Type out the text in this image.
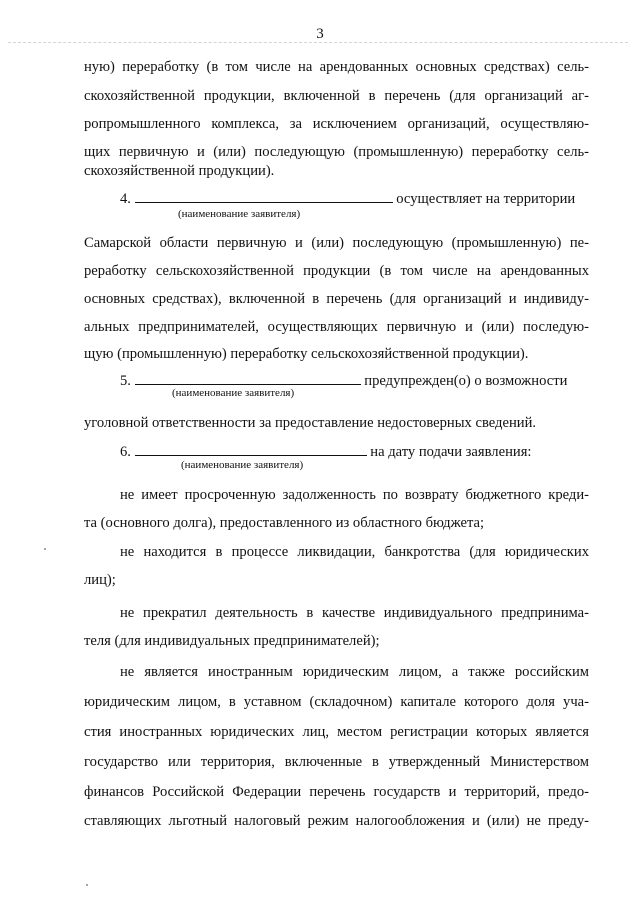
3
ную) переработку (в том числе на арендованных основных средствах) сель-
скохозяйственной продукции, включенной в перечень (для организаций аг-
ропромышленного комплекса, за исключением организаций, осуществляю-
щих первичную и (или) последующую (промышленную) переработку сель-
скохозяйственной продукции).
4.	осуществляет на территории
(наименование заявителя)
Самарской области первичную и (или) последующую (промышленную) пе-
реработку сельскохозяйственной продукции (в том числе на арендованных
основных средствах), включенной в перечень (для организаций и индивиду-
альных предпринимателей, осуществляющих первичную и (или) последую-
щую (промышленную) переработку сельскохозяйственной продукции).
5.	предупрежден(о) о возможности
(наименование заявителя)
уголовной ответственности за предоставление недостоверных сведений.
6.	на дату подачи заявления:
(наименование заявителя)
не имеет просроченную задолженность по возврату бюджетного креди-
та (основного долга), предоставленного из областного бюджета;
не находится в процессе ликвидации, банкротства (для юридических
лиц);
не прекратил деятельность в качестве индивидуального предпринима-
теля (для индивидуальных предпринимателей);
не является иностранным юридическим лицом, а также российским
юридическим лицом, в уставном (складочном) капитале которого доля уча-
стия иностранных юридических лиц, местом регистрации которых является
государство или территория, включенные в утвержденный Министерством
финансов Российской Федерации перечень государств и территорий, предо-
ставляющих льготный налоговый режим налогообложения и (или) не преду-
